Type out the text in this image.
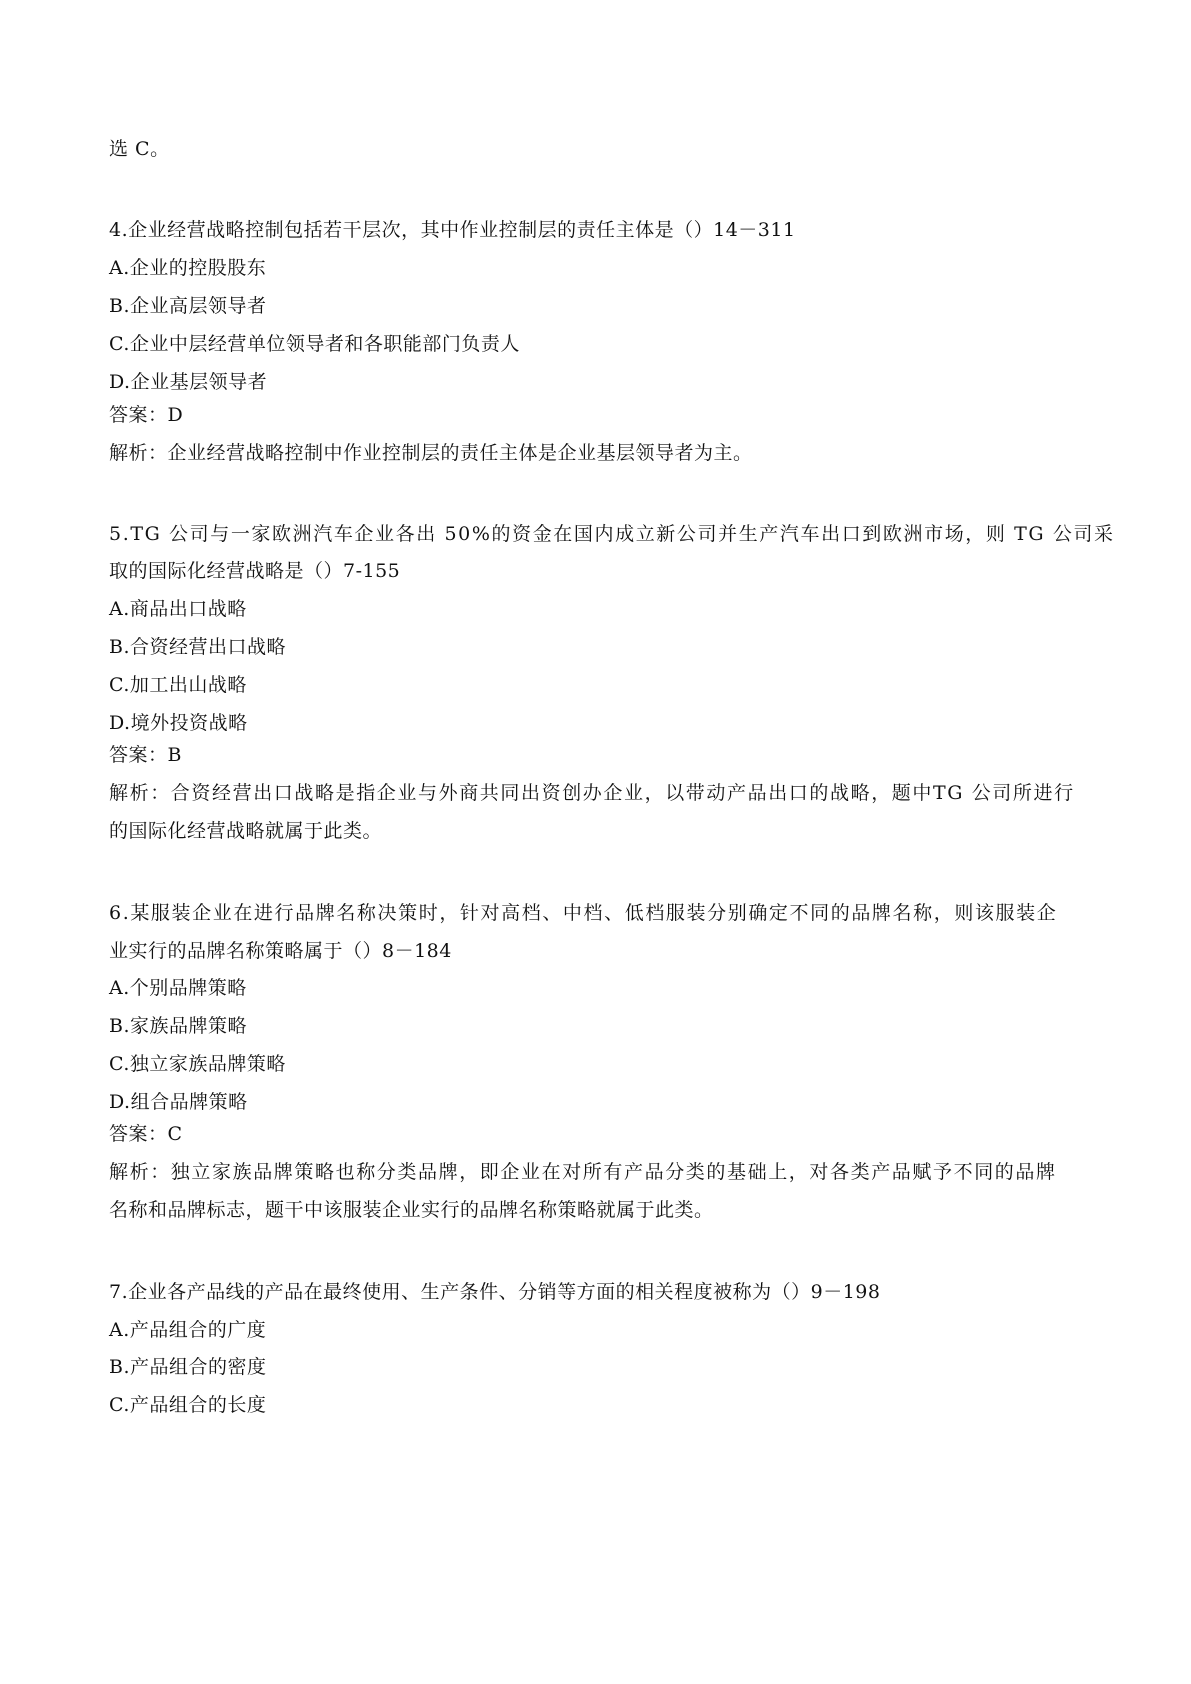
选 C。
4.企业经营战略控制包括若干层次，其中作业控制层的责任主体是（）14－311
A.企业的控股股东
B.企业高层领导者
C.企业中层经营单位领导者和各职能部门负责人
D.企业基层领导者
答案：D
解析：企业经营战略控制中作业控制层的责任主体是企业基层领导者为主。
5.TG 公司与一家欧洲汽车企业各出 50%的资金在国内成立新公司并生产汽车出口到欧洲市场，则 TG 公司采
取的国际化经营战略是（）7-155
A.商品出口战略
B.合资经营出口战略
C.加工出山战略
D.境外投资战略
答案：B
解析：合资经营出口战略是指企业与外商共同出资创办企业，以带动产品出口的战略，题中TG 公司所进行
的国际化经营战略就属于此类。
6.某服装企业在进行品牌名称决策时，针对高档、中档、低档服装分别确定不同的品牌名称，则该服装企
业实行的品牌名称策略属于（）8－184
A.个别品牌策略
B.家族品牌策略
C.独立家族品牌策略
D.组合品牌策略
答案：C
解析：独立家族品牌策略也称分类品牌，即企业在对所有产品分类的基础上，对各类产品赋予不同的品牌
名称和品牌标志，题干中该服装企业实行的品牌名称策略就属于此类。
7.企业各产品线的产品在最终使用、生产条件、分销等方面的相关程度被称为（）9－198
A.产品组合的广度
B.产品组合的密度
C.产品组合的长度
